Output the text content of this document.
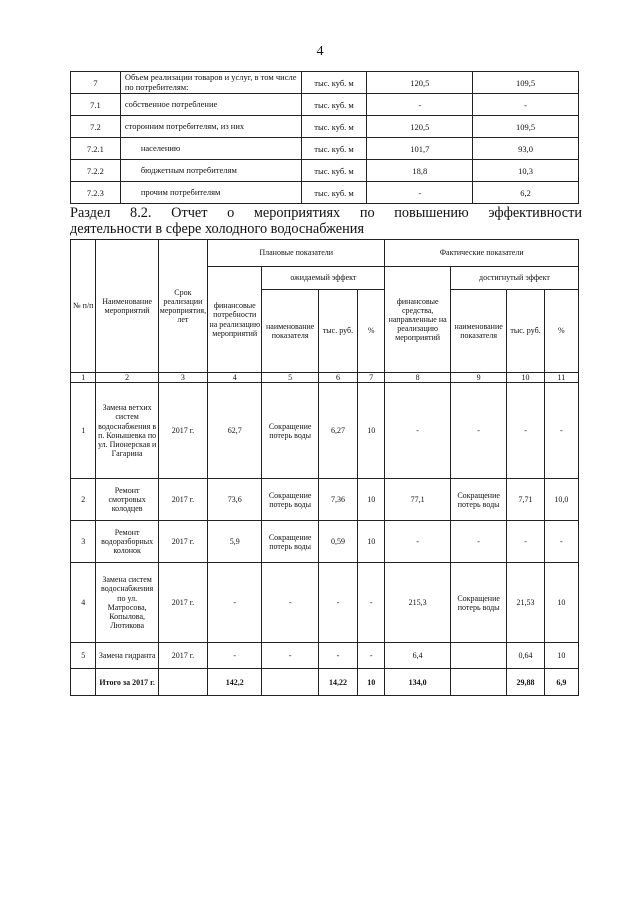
4
7	Объем реализации товаров и услуг, в том числе по потребителям:	тыс. куб. м	120,5	109,5
7.1	собственное потребление	тыс. куб. м	-	-
7.2	сторонним потребителям, из них	тыс. куб. м	120,5	109,5
7.2.1	населению	тыс. куб. м	101,7	93,0
7.2.2	бюджетным потребителям	тыс. куб. м	18,8	10,3
7.2.3	прочим потребителям	тыс. куб. м	-	6,2
Раздел 8.2. Отчет о мероприятиях по повышению эффективности
деятельности в сфере холодного водоснабжения
№ п/п	Наименование мероприятий	Срок реализации мероприятия, лет	Плановые показатели				Фактические показатели			
			финансовые потребности на реализацию мероприятий	ожидаемый эффект			финансовые средства, направленные на реализацию мероприятий	достигнутый эффект		
				наименование показателя	тыс. руб.	%		наименование показателя	тыс. руб.	%
1	2	3	4	5	6	7	8	9	10	11
1	Замена ветхих систем водоснабжения в п. Конышевка по ул. Пионерская и Гагарина	2017 г.	62,7	Сокращение потерь воды	6,27	10	-	-	-	-
2	Ремонт смотровых колодцев	2017 г.	73,6	Сокращение потерь воды	7,36	10	77,1	Сокращение потерь воды	7,71	10,0
3	Ремонт водоразборных колонок	2017 г.	5,9	Сокращение потерь воды	0,59	10	-	-	-	-
4	Замена систем водоснабжения по ул. Матросова, Копылова, Лютикова	2017 г.	-	-	-	-	215,3	Сокращение потерь воды	21,53	10
5	Замена гидранта	2017 г.	-	-	-	-	6,4		0,64	10
	Итого за 2017 г.		142,2		14,22	10	134,0		29,88	6,9
